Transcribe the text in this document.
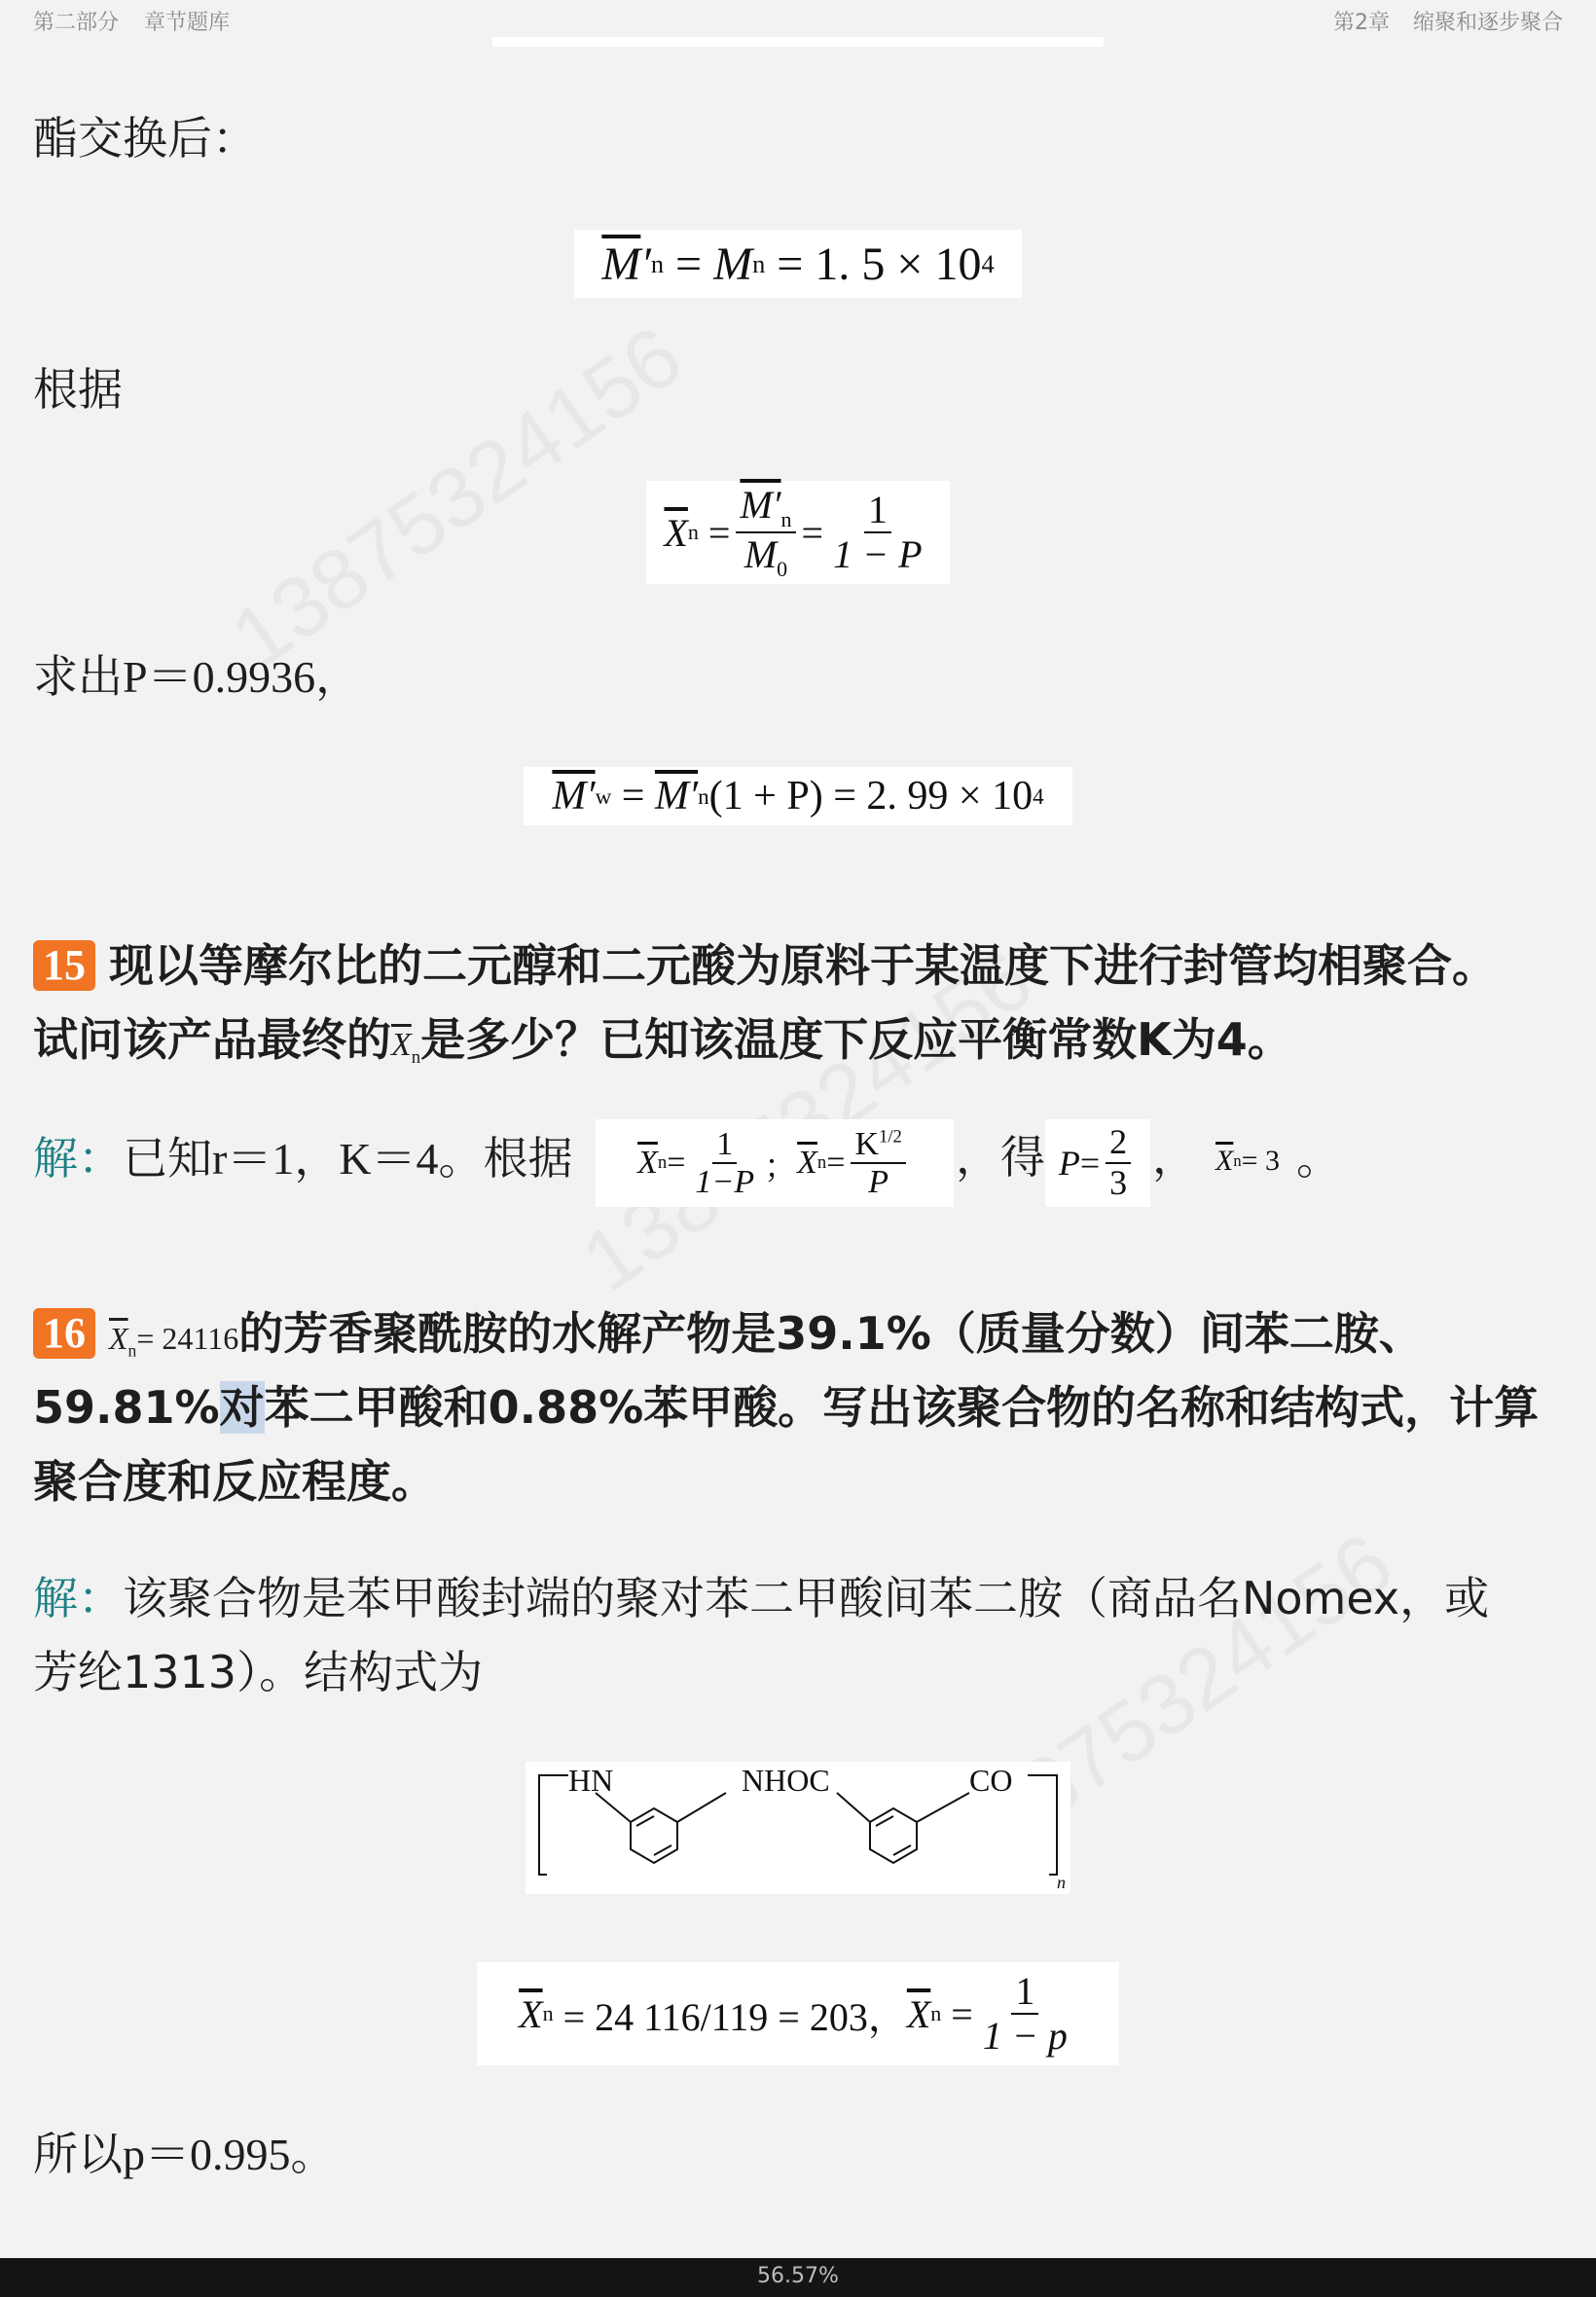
第二部分 章节题库	第2章 缩聚和逐步聚合
酯交换后：
$\overline{M}$ ′ n = M n
= 1. 5 × 10 4
根据
$\overline{X}$ $n = \frac{M'_n}{M_0} = \frac{1}{1 - P}$
求出P＝0.9936，
M′ w = M′ n (1 + P) = 2. 99 × 10 4
15 现以等摩尔比的二元醇和二元酸为原料于某温度下进行封管均相聚合。
试问该产品最终的$\overline{X}_n$是多少？已知该温度下反应平衡常数K为4。
解：已知r＝1，K＝4。根据 $\overline{X}$ $n = \frac{1}{1-P}$ ； $\overline{X}$ $n = \frac{K^{1/2}}{P}$ ，得 $P = \frac{2}{3}$ ， $\overline{X}$ n = 3 。
16 $\overline{X}_n= 24116$的芳香聚酰胺的水解产物是39.1%（质量分数）间苯二胺、
59.81%对苯二甲酸和0.88%苯甲酸。写出该聚合物的名称和结构式，计算
聚合度和反应程度。
解：该聚合物是苯甲酸封端的聚对苯二甲酸间苯二胺（商品名Nomex，或
芳纶1313）。结构式为
HN	NHOC	CO
n
$\overline{X}$ n
= 24 116/119 = 203， $\overline{X}$ $n = \frac{1}{1 - p}$
所以p＝0.995。
56.57%
